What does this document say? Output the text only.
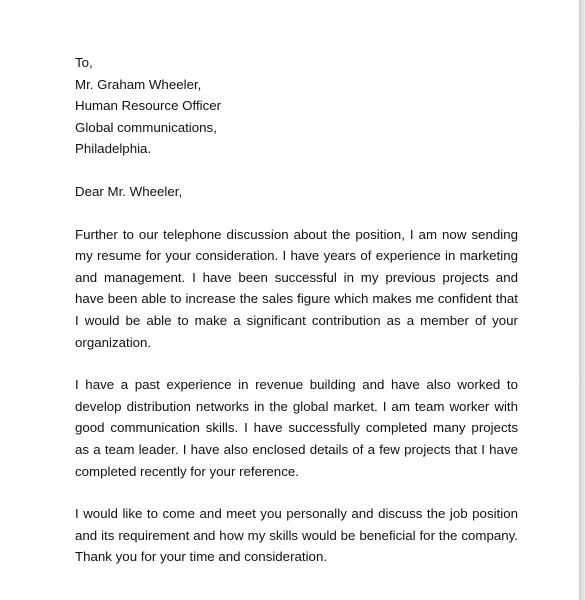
To,
Mr. Graham Wheeler,
Human Resource Officer
Global communications,
Philadelphia.
Dear Mr. Wheeler,

Further to our telephone discussion about the position, I am now sending my resume for your consideration. I have years of experience in marketing and management. I have been successful in my previous projects and have been able to increase the sales figure which makes me confident that I would be able to make a significant contribution as a member of your organization.

I have a past experience in revenue building and have also worked to develop distribution networks in the global market. I am team worker with good communication skills. I have successfully completed many projects as a team leader. I have also enclosed details of a few projects that I have completed recently for your reference.

I would like to come and meet you personally and discuss the job position and its requirement and how my skills would be beneficial for the company. Thank you for your time and consideration.
